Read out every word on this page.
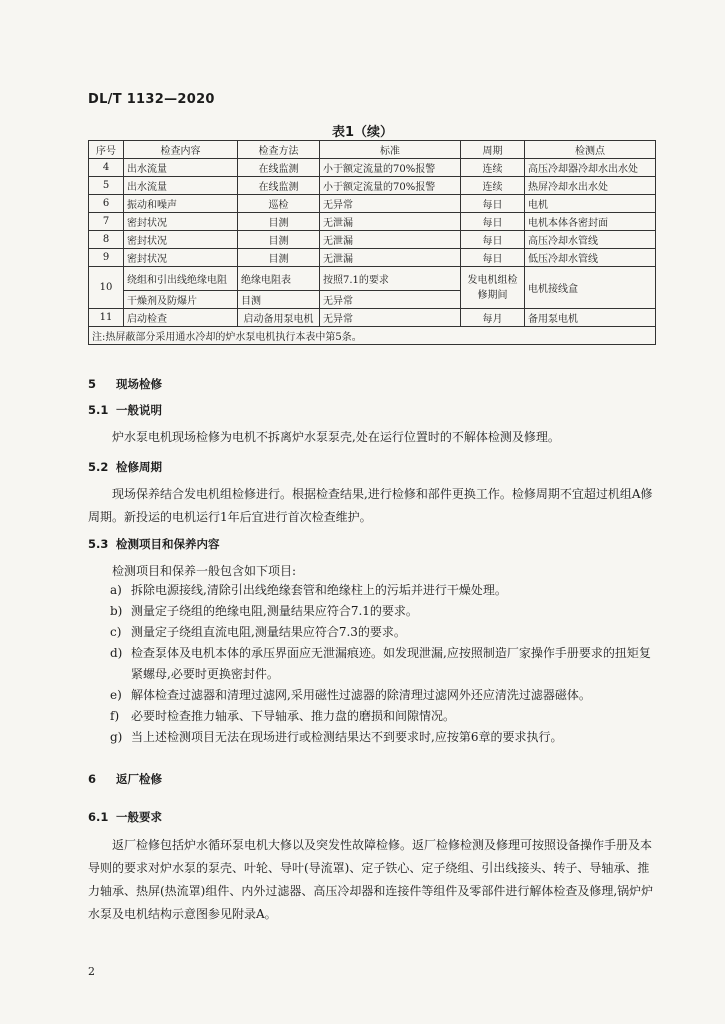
DL/T 1132—2020
表1（续）
序号	检查内容	检查方法	标准	周期	检测点
4	出水流量	在线监测	小于额定流量的70%报警	连续	高压冷却器冷却水出水处
5	出水流量	在线监测	小于额定流量的70%报警	连续	热屏冷却水出水处
6	振动和噪声	巡检	无异常	每日	电机
7	密封状况	目测	无泄漏	每日	电机本体各密封面
8	密封状况	目测	无泄漏	每日	高压冷却水管线
9	密封状况	目测	无泄漏	每日	低压冷却水管线
10	绕组和引出线绝缘电阻	绝缘电阻表	按照7.1的要求	发电机组检修期间	电机接线盒
	干燥剂及防爆片	目测	无异常		
11	启动检查	启动备用泵电机	无异常	每月	备用泵电机
注:热屏蔽部分采用通水冷却的炉水泵电机执行本表中第5条。					
5 现场检修
5.1 一般说明
炉水泵电机现场检修为电机不拆离炉水泵泵壳,处在运行位置时的不解体检测及修理。
5.2 检修周期
现场保养结合发电机组检修进行。根据检查结果,进行检修和部件更换工作。检修周期不宜超过机组A修周期。新投运的电机运行1年后宜进行首次检查维护。
5.3 检测项目和保养内容
检测项目和保养一般包含如下项目:
a) 拆除电源接线,清除引出线绝缘套管和绝缘柱上的污垢并进行干燥处理。
b) 测量定子绕组的绝缘电阻,测量结果应符合7.1的要求。
c) 测量定子绕组直流电阻,测量结果应符合7.3的要求。
d) 检查泵体及电机本体的承压界面应无泄漏痕迹。如发现泄漏,应按照制造厂家操作手册要求的扭矩复紧螺母,必要时更换密封件。
e) 解体检查过滤器和清理过滤网,采用磁性过滤器的除清理过滤网外还应清洗过滤器磁体。
f) 必要时检查推力轴承、下导轴承、推力盘的磨损和间隙情况。
g) 当上述检测项目无法在现场进行或检测结果达不到要求时,应按第6章的要求执行。
6 返厂检修
6.1 一般要求
返厂检修包括炉水循环泵电机大修以及突发性故障检修。返厂检修检测及修理可按照设备操作手册及本导则的要求对炉水泵的泵壳、叶轮、导叶(导流罩)、定子铁心、定子绕组、引出线接头、转子、导轴承、推力轴承、热屏(热流罩)组件、内外过滤器、高压冷却器和连接件等组件及零部件进行解体检查及修理,锅炉炉水泵及电机结构示意图参见附录A。
2
